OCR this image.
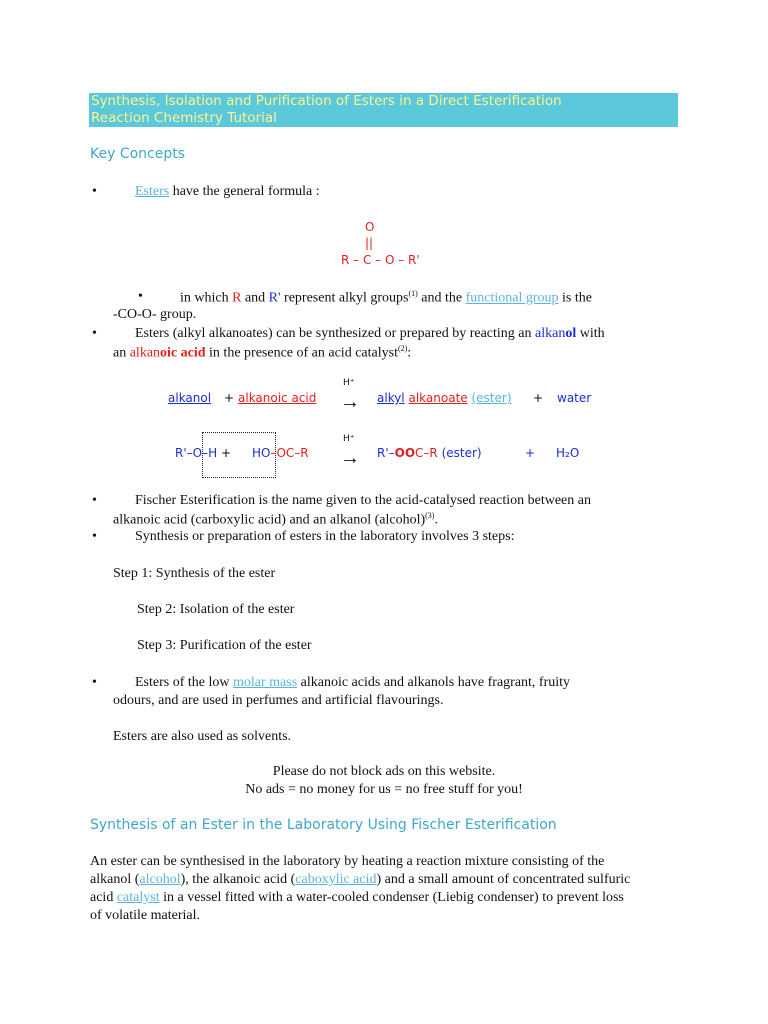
Synthesis, Isolation and Purification of Esters in a Direct Esterification
Reaction Chemistry Tutorial
Key Concepts
•	Esters have the general formula :
O
||
R – C – O – R'
•	in which R and R' represent alkyl groups$^{(1)}$ and the functional group is the
-CO-O- group.
•	Esters (alkyl alkanoates) can be synthesized or prepared by reacting an alkanol with
an alkanoic acid in the presence of an acid catalyst$^{(2)}$:
H⁺
alkanol + alkanoic acid → alkyl alkanoate (ester) + water
H⁺
R'–O–H + HO–OC–R → R'–OOC–R (ester)	+ H₂O
•	Fischer Esterification is the name given to the acid-catalysed reaction between an
alkanoic acid (carboxylic acid) and an alkanol (alcohol)$^{(3)}$.
•	Synthesis or preparation of esters in the laboratory involves 3 steps:
Step 1: Synthesis of the ester
Step 2: Isolation of the ester
Step 3: Purification of the ester
•	Esters of the low molar mass alkanoic acids and alkanols have fragrant, fruity
odours, and are used in perfumes and artificial flavourings.
Esters are also used as solvents.
Please do not block ads on this website.
No ads = no money for us = no free stuff for you!
Synthesis of an Ester in the Laboratory Using Fischer Esterification
An ester can be synthesised in the laboratory by heating a reaction mixture consisting of the
alkanol (alcohol), the alkanoic acid (caboxylic acid) and a small amount of concentrated sulfuric
acid catalyst in a vessel fitted with a water-cooled condenser (Liebig condenser) to prevent loss
of volatile material.
